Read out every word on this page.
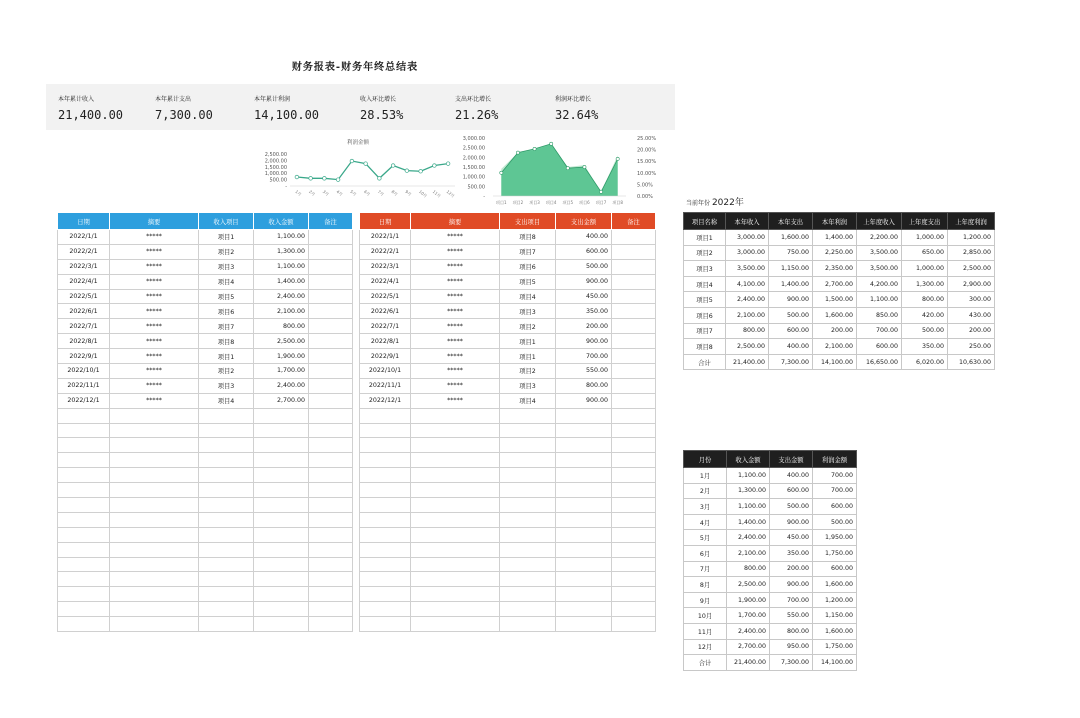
财务报表-财务年终总结表
本年累计收入
21,400.00
本年累计支出
7,300.00
本年累计利润
14,100.00
收入环比增长
28.53%
支出环比增长
21.26%
利润环比增长
32.64%
利润金额
2,500.00
2,000.00
1,500.00
1,000.00
500.00
-
1月 2月 3月 4月 5月 6月 7月 8月 9月 10月 11月 12月
3,000.00
2,500.00
2,000.00
1,500.00
1,000.00
500.00
-
25.00%
20.00%
15.00%
10.00%
5.00%
0.00%
项目1 项目2 项目3 项目4 项目5 项目6 项目7 项目8
日期	摘要	收入项目	收入金额	备注
2022/1/1	*****	项目1	1,100.00	
2022/2/1	*****	项目2	1,300.00	
2022/3/1	*****	项目3	1,100.00	
2022/4/1	*****	项目4	1,400.00	
2022/5/1	*****	项目5	2,400.00	
2022/6/1	*****	项目6	2,100.00	
2022/7/1	*****	项目7	800.00	
2022/8/1	*****	项目8	2,500.00	
2022/9/1	*****	项目1	1,900.00	
2022/10/1	*****	项目2	1,700.00	
2022/11/1	*****	项目3	2,400.00	
2022/12/1	*****	项目4	2,700.00	

日期	摘要	支出项目	支出金额	备注
2022/1/1	*****	项目8	400.00	
2022/2/1	*****	项目7	600.00	
2022/3/1	*****	项目6	500.00	
2022/4/1	*****	项目5	900.00	
2022/5/1	*****	项目4	450.00	
2022/6/1	*****	项目3	350.00	
2022/7/1	*****	项目2	200.00	
2022/8/1	*****	项目1	900.00	
2022/9/1	*****	项目1	700.00	
2022/10/1	*****	项目2	550.00	
2022/11/1	*****	项目3	800.00	
2022/12/1	*****	项目4	900.00	

当前年份 2022年
项目名称	本年收入	本年支出	本年利润	上年度收入	上年度支出	上年度利润
项目1	3,000.00	1,600.00	1,400.00	2,200.00	1,000.00	1,200.00
项目2	3,000.00	750.00	2,250.00	3,500.00	650.00	2,850.00
项目3	3,500.00	1,150.00	2,350.00	3,500.00	1,000.00	2,500.00
项目4	4,100.00	1,400.00	2,700.00	4,200.00	1,300.00	2,900.00
项目5	2,400.00	900.00	1,500.00	1,100.00	800.00	300.00
项目6	2,100.00	500.00	1,600.00	850.00	420.00	430.00
项目7	800.00	600.00	200.00	700.00	500.00	200.00
项目8	2,500.00	400.00	2,100.00	600.00	350.00	250.00
合计	21,400.00	7,300.00	14,100.00	16,650.00	6,020.00	10,630.00
月份	收入金额	支出金额	利润金额
1月	1,100.00	400.00	700.00
2月	1,300.00	600.00	700.00
3月	1,100.00	500.00	600.00
4月	1,400.00	900.00	500.00
5月	2,400.00	450.00	1,950.00
6月	2,100.00	350.00	1,750.00
7月	800.00	200.00	600.00
8月	2,500.00	900.00	1,600.00
9月	1,900.00	700.00	1,200.00
10月	1,700.00	550.00	1,150.00
11月	2,400.00	800.00	1,600.00
12月	2,700.00	950.00	1,750.00
合计	21,400.00	7,300.00	14,100.00
